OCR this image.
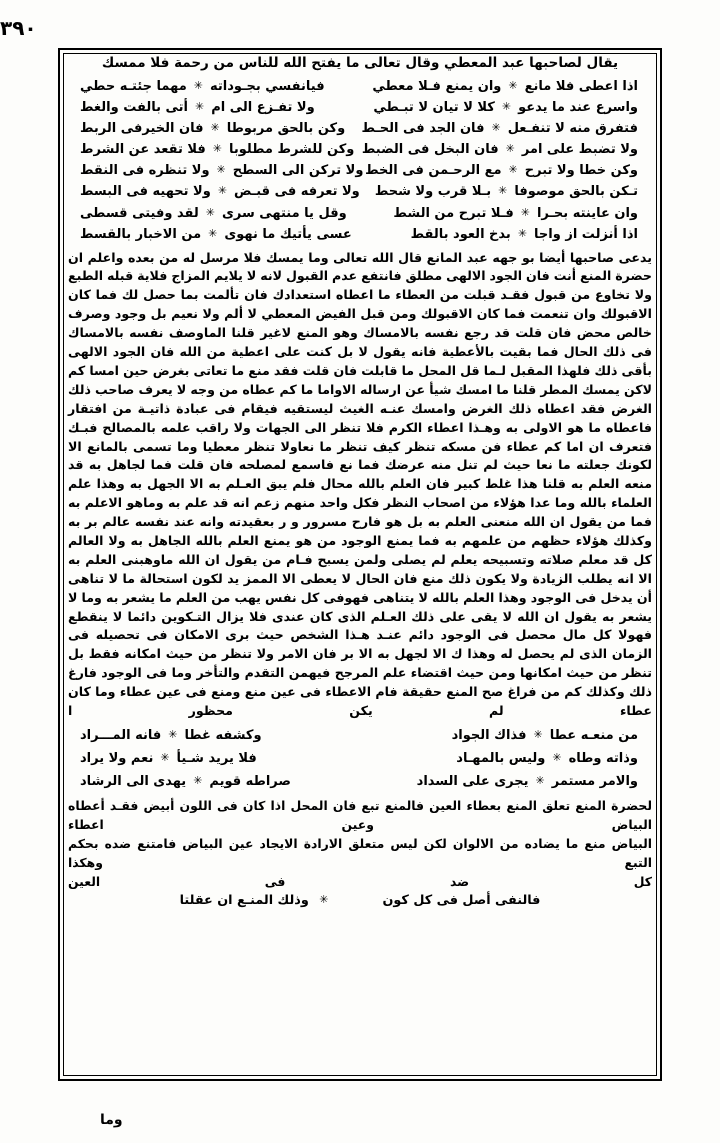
٣٩٠
يقال لصاحبها عبد المعطي وقال تعالى ما يفتح الله للناس من رحمة فلا ممسك
اذا اعطى فلا مانع
✳
وان يمنع فـلا معطي
فيانفسي بجـوداته
✳
مهما جئتـه حطي
واسرع عند ما يدعو
✳
كلا لا تيان لا تبـطي
ولا تفـزع الى ام
✳
أتى بالفت والغط
فتفرق منه لا تنفـعل
✳
فان الجد فى الحـط
وكن بالحق مربوطا
✳
فان الخيرفى الربط
ولا تضبط على امر
✳
فان البخل فى الضبط
وكن للشرط مطلوبا
✳
فلا تقعد عن الشرط
وكن خطا ولا تبرح
✳
مع الرحـمن فى الخط
ولا تركن الى السطح
✳
ولا تنظره فى النقط
تـكن بالحق موصوفا
✳
بـلا قرب ولا شحط
ولا تعرفه فى قبـض
✳
ولا تحهيه فى البسط
وان عاينته بحـرا
✳
فـلا تبرح من الشط
وقل يا منتهى سرى
✳
لقد وفيتى قسطى
اذا أنزلت از واجا
✳
بدخ العود بالقط
عسى يأتيك ما نهوى
✳
من الاخبار بالقسط

يدعى صاحبها أيضا بو جهه عبد المانع قال الله تعالى وما يمسك فلا مرسل له من بعده واعلم ان حضرة المنع أنت فان الجود الالهى مطلق فانتفع عدم القبول لانه لا يلايم المزاج فلاية قبله الطبع ولا تخاوع من قبول فقـد قبلت من العطاء ما اعطاه استعدادك فان تألمت بما حصل لك فما كان الاقبولك وان تنعمت فما كان الاقبولك ومن قبل الفيض المعطي لا ألم ولا نعيم بل وجود وصرف خالص محض فان قلت قد رجع نفسه بالامساك وهو المنع لاغير قلنا الماوصف نفسه بالامساك فى ذلك الحال فما بقيت بالأعطية فانه يقول لا بل كنت على اعطية من الله فان الجود الالهى بأقى ذلك فلهذا المقبل لـما قل المحل ما قابلت فان قلت فقد منع ما تعاتى بغرض حين امسا كم لاكن يمسك المطر قلنا ما امسك شيأ عن ارساله الاواما ما كم عطاه من وجه لا يعرف صاحب ذلك الغرض فقد اعطاه ذلك الغرض وامسك عنـه الغيث ليستقيه فيقام فى عبادة ذاتيـة من افتقار فاعطاه ما هو الاولى به وهـذا اعطاء الكرم فلا تنظر الى الجهات ولا راقب علمه بالمصالح فبـك فتعرف ان اما كم عطاء فن مسكه تنظر كيف تنظر ما نعاولا تنظر معطيا وما تسمى بالمانع الا لكونك جعلته ما نعا حيث لم تنل منه عرضك فما نع فاسمع لمصلحه فان قلت فما لجاهل به قد منعه العلم به قلنا هذا غلط كبير فان العلم بالله محال فلم يبق العـلم به الا الجهل به وهذا علم العلماء بالله وما عدا هؤلاء من اصحاب النظر فكل واحد منهم زعم انه قد علم به وماهو الاعلم به فما من يقول ان الله منعنى العلم به بل هو فارح مسرور و ر بعقيدته وانه عند نفسه عالم بر به وكذلك هؤلاء حظهم من علمهم به فما يمنع الوجود من هو يمنع العلم بالله الجاهل به ولا العالم كل قد معلم صلاته وتسبيحه يعلم لم يصلى ولمن يسبح فـام من يقول ان الله ماوهبنى العلم به الا انه يطلب الزيادة ولا يكون ذلك منع فان الحال لا يعطى الا الممز يد لكون استحالة ما لا تناهى أن يدخل فى الوجود وهذا العلم بالله لا يتناهى فهوفى كل نفس يهب من العلم ما يشعر به وما لا يشعر به يقول ان الله لا يقى على ذلك العـلم الذى كان عندى فلا يزال التـكوين دائما لا ينقطع فهولا كل مال محصل فى الوجود دائم عنـد هـذا الشخص حيث برى الامكان فى تحصيله فى الزمان الذى لم يحصل له وهذا ك الا لجهل به الا بر فان الامر ولا تنظر من حيث امكانه فقط بل تنظر من حيث امكانها ومن حيث اقتضاء علم المرجح فيهمن التقدم والتأخر وما فى الوجود فارغ ذلك وكذلك كم من فراغ صح المنع حقيقة فام الاعطاء فى عين منع ومنع فى عين عطاء وما كان عطاء لم يكن محظور ا

من منعـه عطا
✳
فذاك الجواد
وكشفه غطا
✳
فانه المـــراد
وذاته وطاه
✳
وليس بالمهـاد
فلا يريد شـيأ
✳
نعم ولا يراد
والامر مستمر
✳
يجرى على السداد
صراطه قويم
✳
يهدى الى الرشاد

لحضرة المنع تعلق المنع بعطاء العين فالمنع تبع فان المحل اذا كان فى اللون أبيض فقـد أعطاه البياض وعين اعطاء

البياض منع ما يضاده من الالوان لكن ليس متعلق الارادة الايجاد عين البياض فامتنع ضده بحكم التبع وهكذا

كل ضد فى العين
فالنفى أصل فى كل كون
✳ وذلك المنـع ان عقلتا
وما
